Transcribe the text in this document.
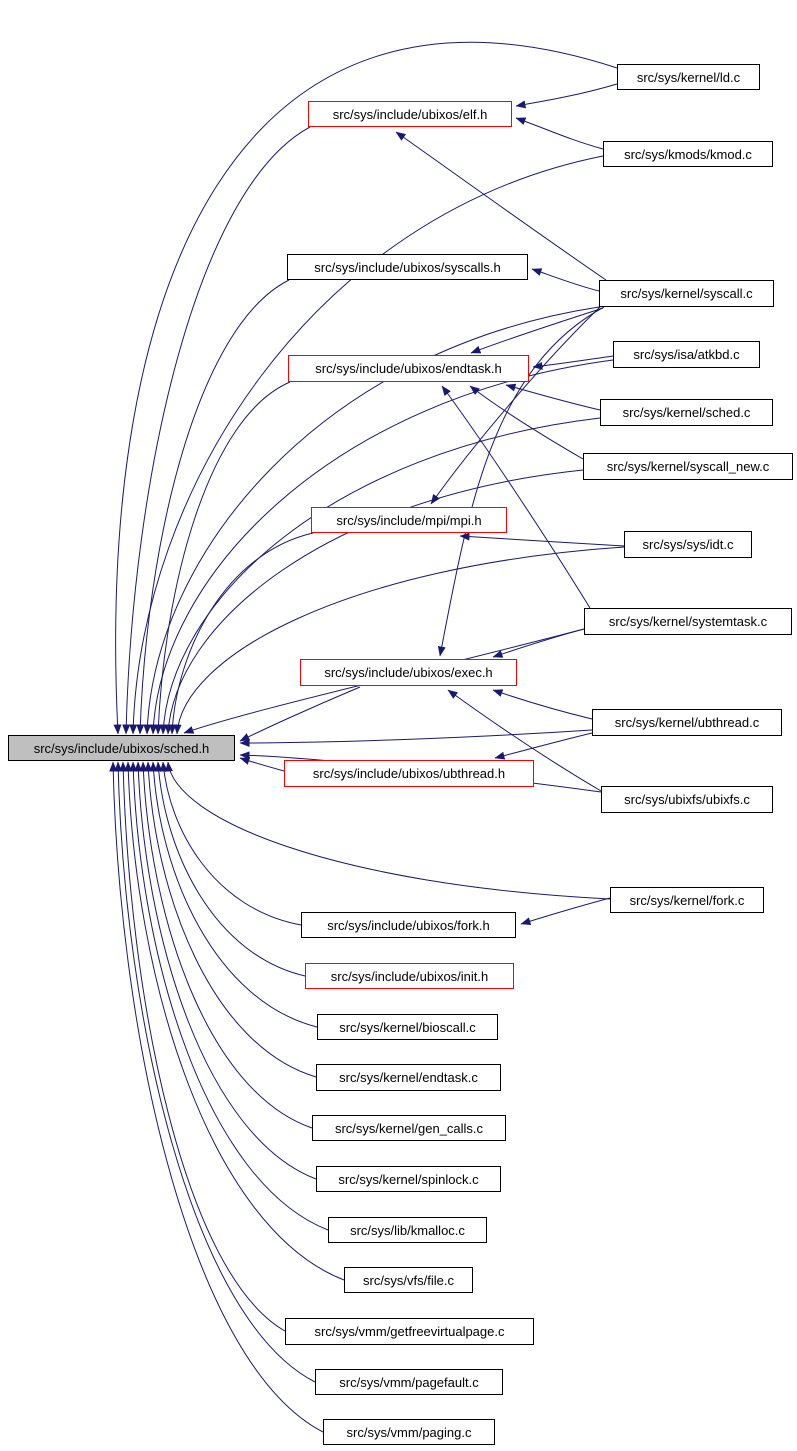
src/sys/include/ubixos/sched.h
src/sys/include/ubixos/elf.h
src/sys/kernel/ld.c
src/sys/kmods/kmod.c
src/sys/include/ubixos/syscalls.h
src/sys/kernel/syscall.c
src/sys/isa/atkbd.c
src/sys/include/ubixos/endtask.h
src/sys/kernel/sched.c
src/sys/kernel/syscall_new.c
src/sys/include/mpi/mpi.h
src/sys/sys/idt.c
src/sys/kernel/systemtask.c
src/sys/include/ubixos/exec.h
src/sys/kernel/ubthread.c
src/sys/include/ubixos/ubthread.h
src/sys/ubixfs/ubixfs.c
src/sys/kernel/fork.c
src/sys/include/ubixos/fork.h
src/sys/include/ubixos/init.h
src/sys/kernel/bioscall.c
src/sys/kernel/endtask.c
src/sys/kernel/gen_calls.c
src/sys/kernel/spinlock.c
src/sys/lib/kmalloc.c
src/sys/vfs/file.c
src/sys/vmm/getfreevirtualpage.c
src/sys/vmm/pagefault.c
src/sys/vmm/paging.c
